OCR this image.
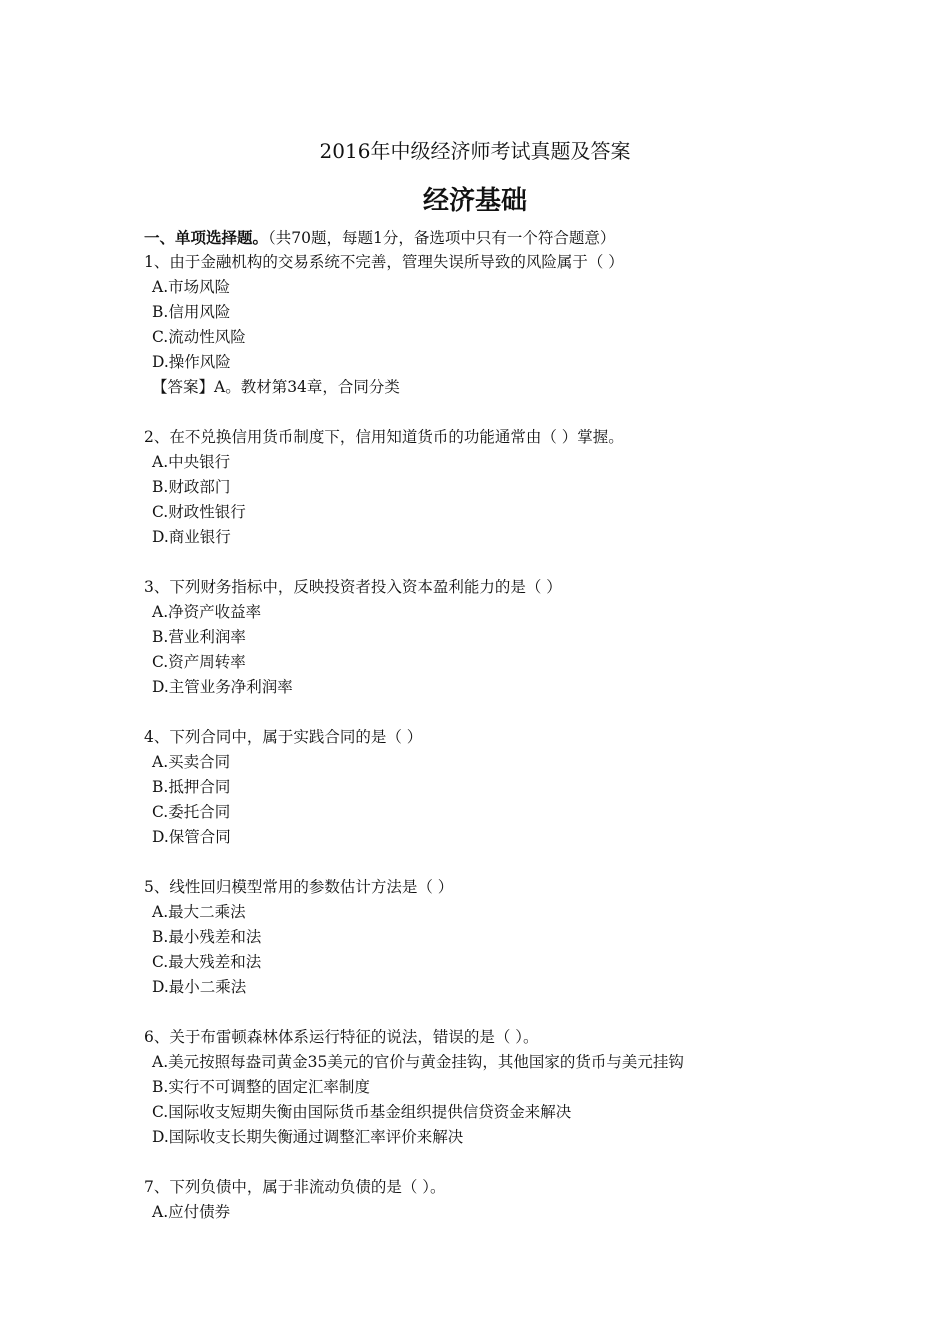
2016年中级经济师考试真题及答案
经济基础
一、单项选择题。（共70题，每题1分，备选项中只有一个符合题意）
1、由于金融机构的交易系统不完善，管理失误所导致的风险属于（ ）
A.市场风险
B.信用风险
C.流动性风险
D.操作风险
【答案】A。教材第34章，合同分类
2、在不兑换信用货币制度下，信用知道货币的功能通常由（ ）掌握。
A.中央银行
B.财政部门
C.财政性银行
D.商业银行
3、下列财务指标中，反映投资者投入资本盈利能力的是（ ）
A.净资产收益率
B.营业利润率
C.资产周转率
D.主管业务净利润率
4、下列合同中，属于实践合同的是（ ）
A.买卖合同
B.抵押合同
C.委托合同
D.保管合同
5、线性回归模型常用的参数估计方法是（ ）
A.最大二乘法
B.最小残差和法
C.最大残差和法
D.最小二乘法
6、关于布雷顿森林体系运行特征的说法，错误的是（ ）。
A.美元按照每盎司黄金35美元的官价与黄金挂钩，其他国家的货币与美元挂钩
B.实行不可调整的固定汇率制度
C.国际收支短期失衡由国际货币基金组织提供信贷资金来解决
D.国际收支长期失衡通过调整汇率评价来解决
7、下列负债中，属于非流动负债的是（ ）。
A.应付债券
